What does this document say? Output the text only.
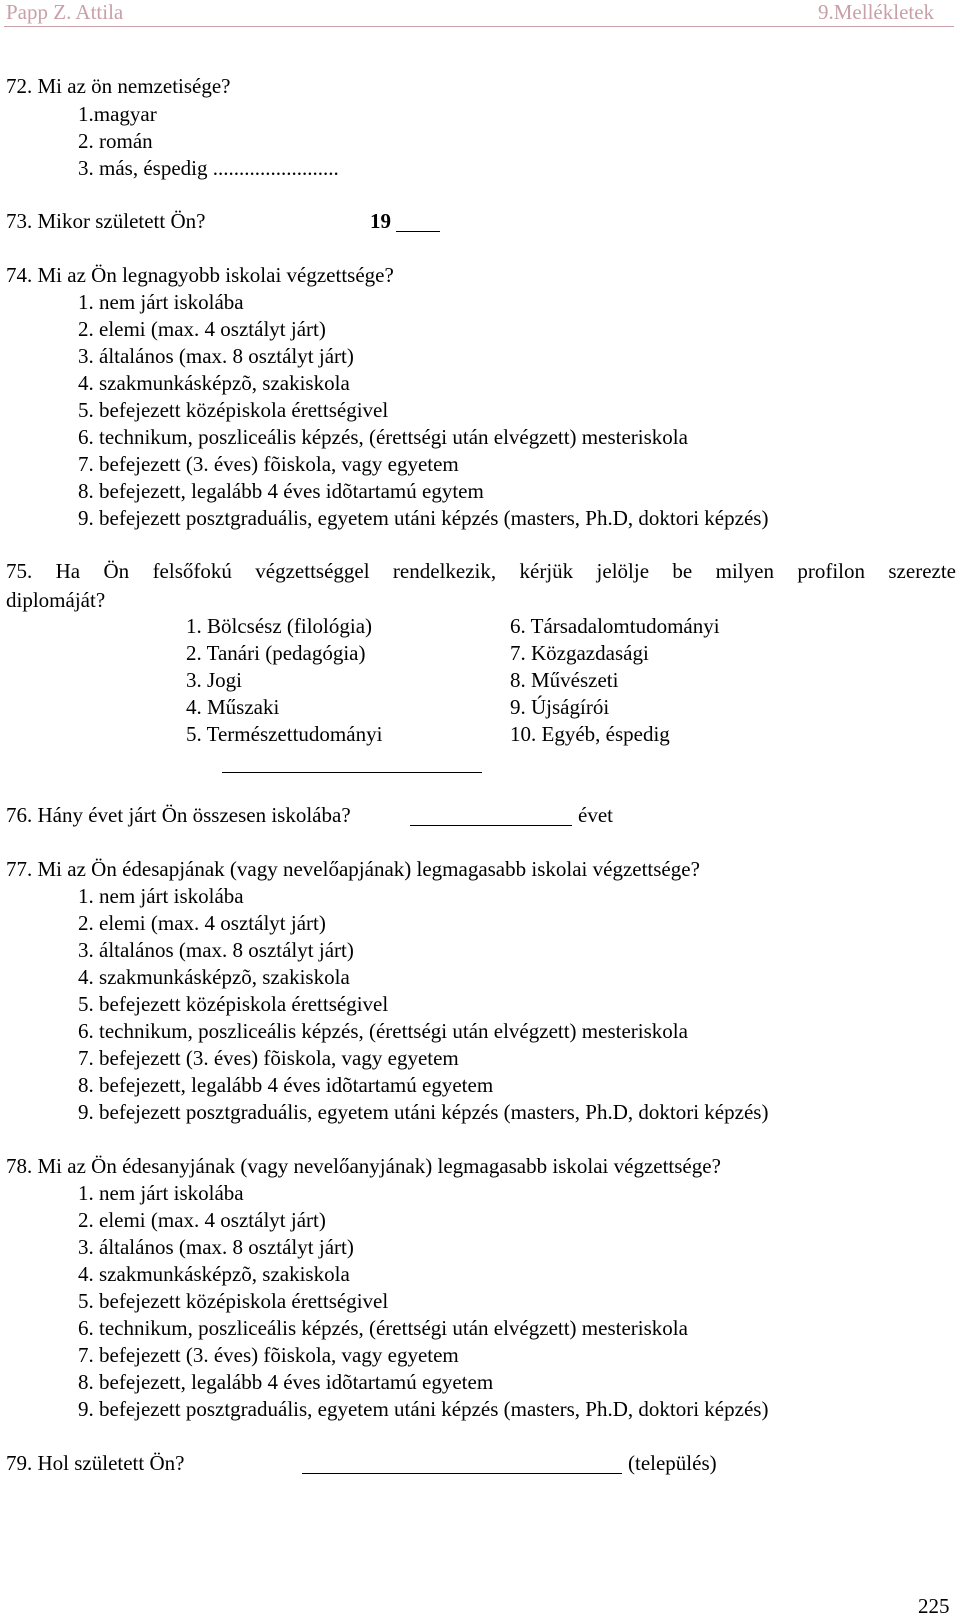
Papp Z. Attila	9.Mellékletek
72. Mi az ön nemzetisége?
1.magyar
2. román
3. más, éspedig ........................
73. Mikor született Ön?	19
74. Mi az Ön legnagyobb iskolai végzettsége?
1. nem járt iskolába
2. elemi (max. 4 osztályt járt)
3. általános (max. 8 osztályt járt)
4. szakmunkásképzõ, szakiskola
5. befejezett középiskola érettségivel
6. technikum, poszliceális képzés, (érettségi után elvégzett) mesteriskola
7. befejezett (3. éves) fõiskola, vagy egyetem
8. befejezett, legalább 4 éves idõtartamú egytem
9. befejezett posztgraduális, egyetem utáni képzés (masters, Ph.D, doktori képzés)
75. Ha Ön felsőfokú végzettséggel rendelkezik, kérjük jelölje be milyen profilon szerezte
diplomáját?
1. Bölcsész (filológia)
2. Tanári (pedagógia)
3. Jogi
4. Műszaki
5. Természettudományi
6. Társadalomtudományi
7. Közgazdasági
8. Művészeti
9. Újságírói
10. Egyéb, éspedig
76. Hány évet járt Ön összesen iskolába?	évet
77. Mi az Ön édesapjának (vagy nevelőapjának) legmagasabb iskolai végzettsége?
1. nem járt iskolába
2. elemi (max. 4 osztályt járt)
3. általános (max. 8 osztályt járt)
4. szakmunkásképzõ, szakiskola
5. befejezett középiskola érettségivel
6. technikum, poszliceális képzés, (érettségi után elvégzett) mesteriskola
7. befejezett (3. éves) fõiskola, vagy egyetem
8. befejezett, legalább 4 éves idõtartamú egyetem
9. befejezett posztgraduális, egyetem utáni képzés (masters, Ph.D, doktori képzés)
78. Mi az Ön édesanyjának (vagy nevelőanyjának) legmagasabb iskolai végzettsége?
1. nem járt iskolába
2. elemi (max. 4 osztályt járt)
3. általános (max. 8 osztályt járt)
4. szakmunkásképzõ, szakiskola
5. befejezett középiskola érettségivel
6. technikum, poszliceális képzés, (érettségi után elvégzett) mesteriskola
7. befejezett (3. éves) fõiskola, vagy egyetem
8. befejezett, legalább 4 éves idõtartamú egyetem
9. befejezett posztgraduális, egyetem utáni képzés (masters, Ph.D, doktori képzés)
79. Hol született Ön?	(település)
225
